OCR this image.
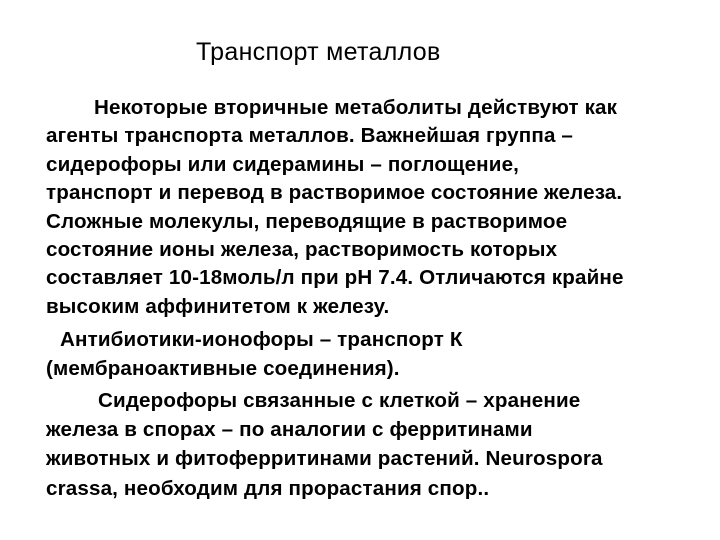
Транспорт металлов
Некоторые вторичные метаболиты действуют как
агенты транспорта металлов. Важнейшая группа –
сидерофоры или сидерамины – поглощение,
транспорт и перевод в растворимое состояние железа.
Сложные молекулы, переводящие в растворимое
состояние ионы железа, растворимость которых
составляет 10-18моль/л при рН 7.4. Отличаются крайне
высоким аффинитетом к железу.
Антибиотики-ионофоры – транспорт К
(мембраноактивные соединения).
Сидерофоры связанные с клеткой – хранение
железа в спорах – по аналогии с ферритинами
животных и фитоферритинами растений. Neurospora
crassa, необходим для прорастания спор..
